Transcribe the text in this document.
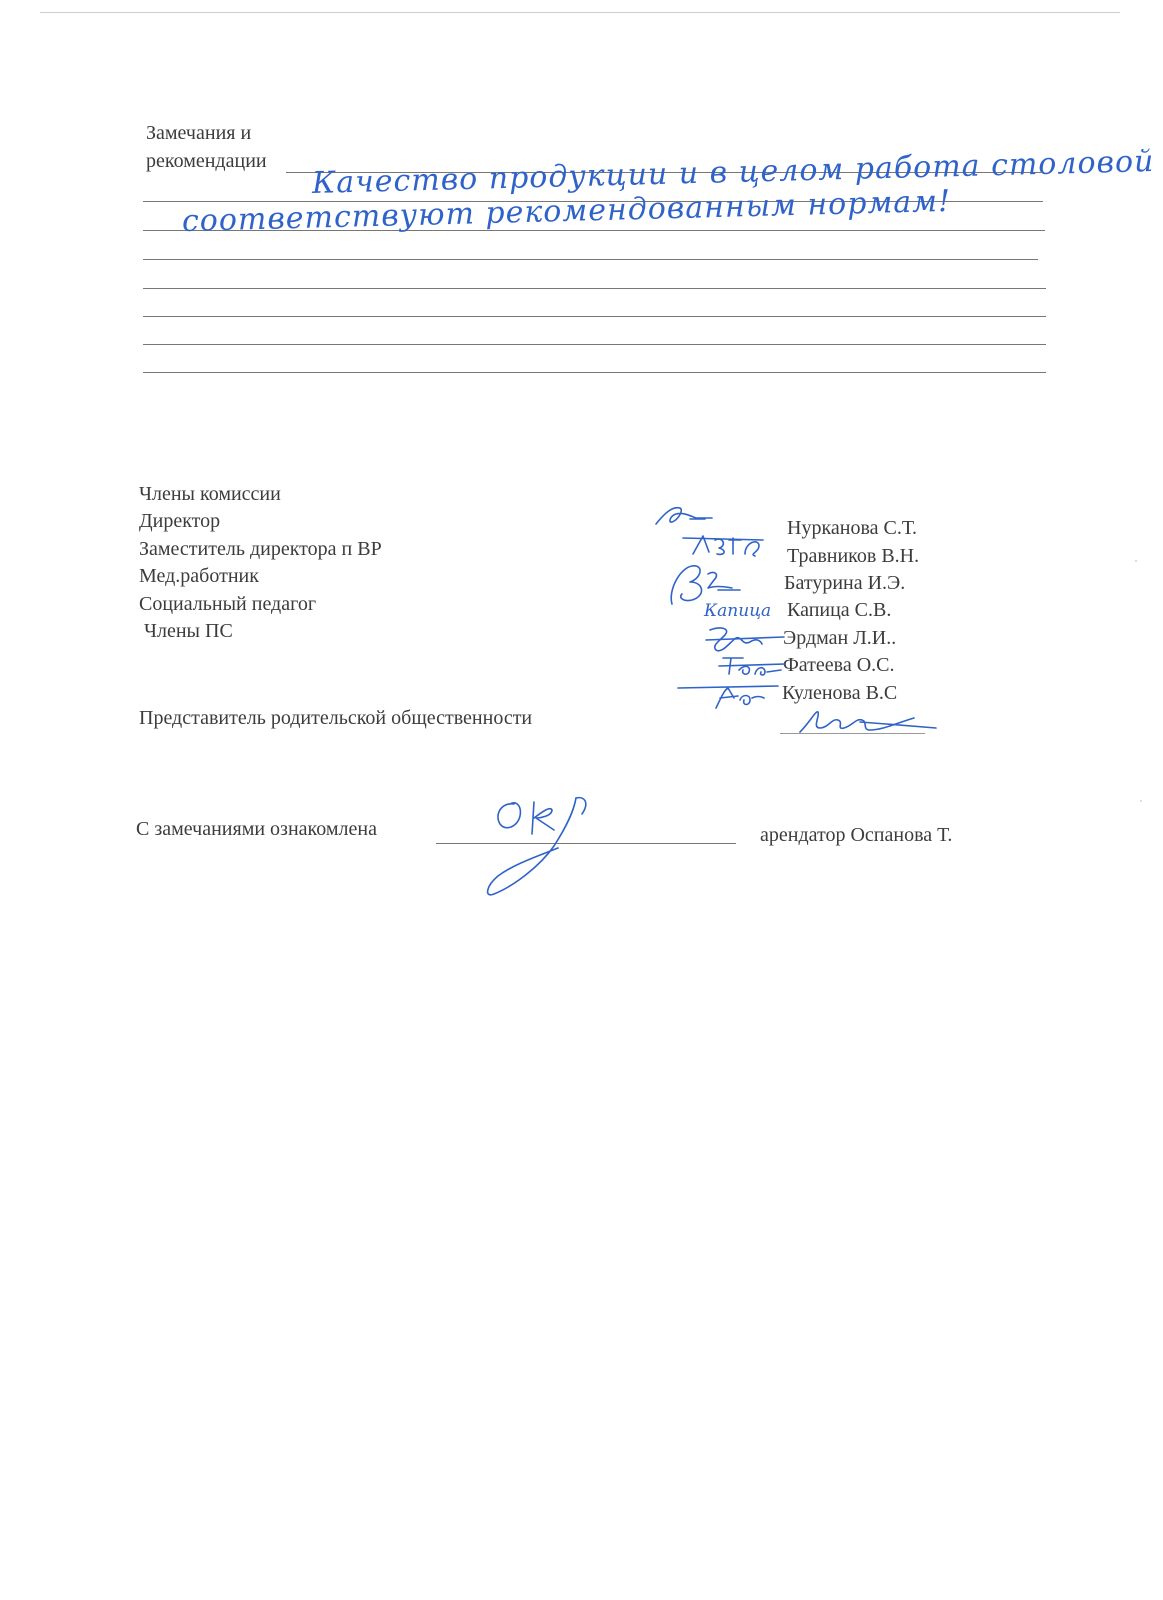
Замечания и
рекомендации Качество продукции и в целом работа столовой
соответствуют рекомендованным нормам!
Члены комиссии
Директор
Заместитель директора п ВР
Мед.работник
Социальный педагог
Члены ПС
Нурканова С.Т.
Травников В.Н.
Батурина И.Э.
Капица С.В.
Эрдман Л.И..
Фатеева О.С.
Куленова В.С
Капица
Представитель родительской общественности
С замечаниями ознакомлена	арендатор Оспанова Т.
